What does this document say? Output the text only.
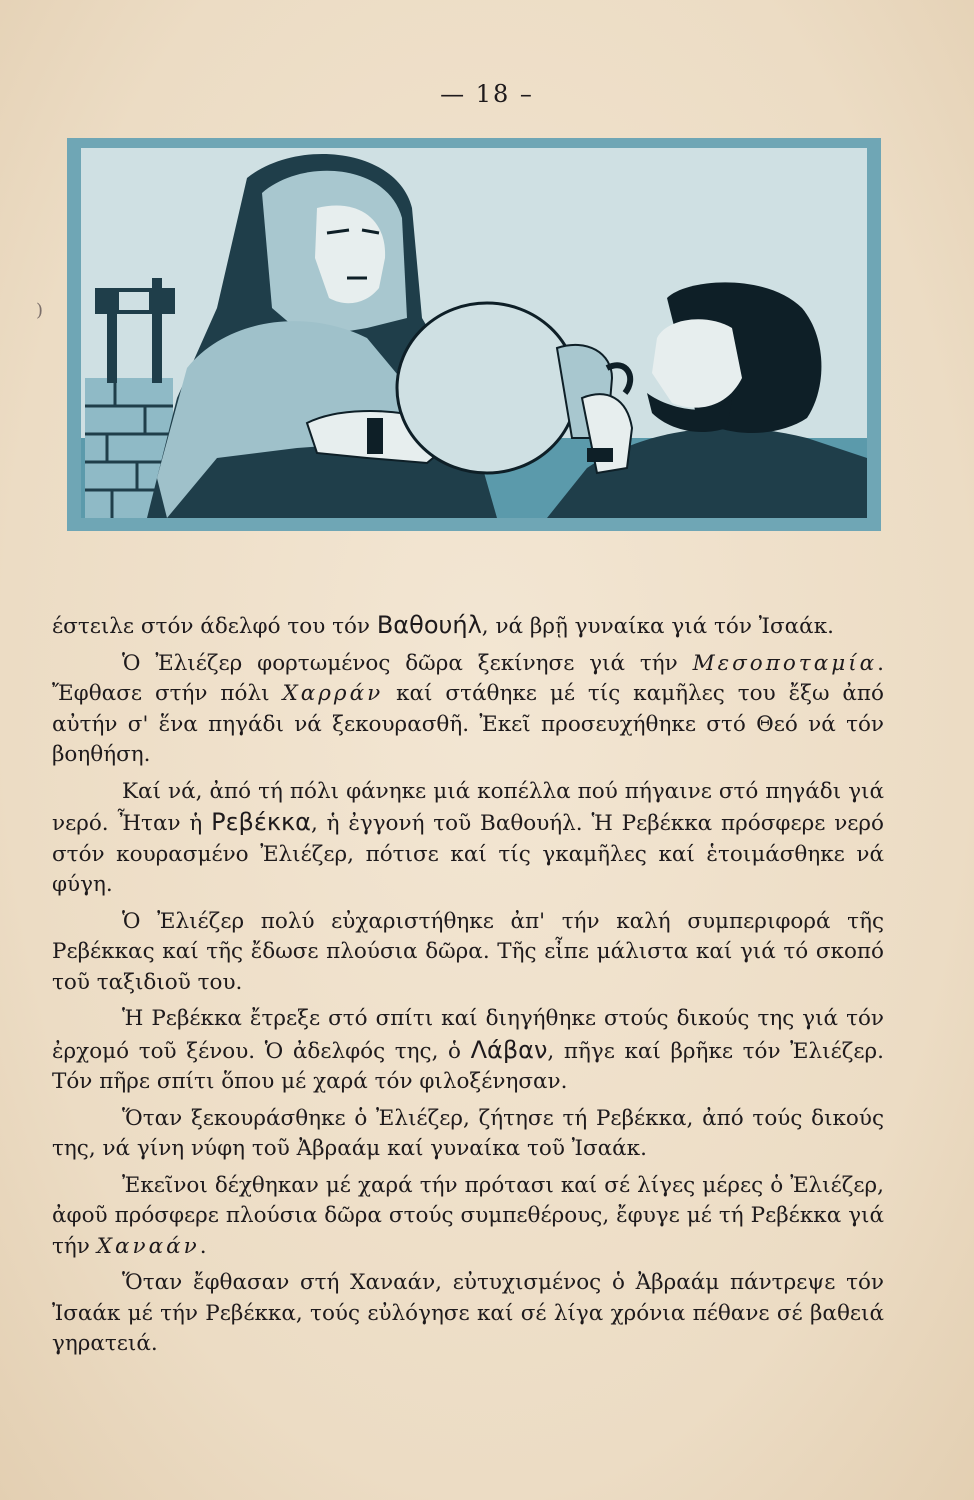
— 18 –
)

έστειλε στόν άδελφό του τόν Βαθουήλ, νά βρῇ γυναίκα γιά τόν Ἰσαάκ.

Ὁ Ἐλιέζερ φορτωμένος δῶρα ξεκίνησε γιά τήν Μεσοποταμία. Ἔφθασε στήν πόλι Χαρράν καί στάθηκε μέ τίς καμῆλες του ἔξω ἀπό αὐτήν σ' ἕνα πηγάδι νά ξεκουρασθῆ. Ἐκεῖ προσευχήθηκε στό Θεό νά τόν βοηθήση.

Καί νά, ἀπό τή πόλι φάνηκε μιά κοπέλλα πού πήγαινε στό πηγάδι γιά νερό. Ἦταν ἡ Ρεβέκκα, ἡ ἐγγονή τοῦ Βαθουήλ. Ἡ Ρεβέκκα πρόσφερε νερό στόν κουρασμένο Ἐλιέζερ, πότισε καί τίς γκαμῆλες καί ἑτοιμάσθηκε νά φύγη.

Ὁ Ἐλιέζερ πολύ εὐχαριστήθηκε ἀπ' τήν καλή συμπεριφορά τῆς Ρεβέκκας καί τῆς ἔδωσε πλούσια δῶρα. Τῆς εἶπε μάλιστα καί γιά τό σκοπό τοῦ ταξιδιοῦ του.

Ἡ Ρεβέκκα ἔτρεξε στό σπίτι καί διηγήθηκε στούς δικούς της γιά τόν ἐρχομό τοῦ ξένου. Ὁ ἀδελφός της, ὁ Λάβαν, πῆγε καί βρῆκε τόν Ἐλιέζερ. Τόν πῆρε σπίτι ὅπου μέ χαρά τόν φιλοξένησαν.

Ὅταν ξεκουράσθηκε ὁ Ἐλιέζερ, ζήτησε τή Ρεβέκκα, ἀπό τούς δικούς της, νά γίνη νύφη τοῦ Ἀβραάμ καί γυναίκα τοῦ Ἰσαάκ.

Ἐκεῖνοι δέχθηκαν μέ χαρά τήν πρότασι καί σέ λίγες μέρες ὁ Ἐλιέζερ, ἀφοῦ πρόσφερε πλούσια δῶρα στούς συμπεθέρους, ἔφυγε μέ τή Ρεβέκκα γιά τήν Χαναάν.

Ὅταν ἔφθασαν στή Χαναάν, εὐτυχισμένος ὁ Ἀβραάμ πάντρεψε τόν Ἰσαάκ μέ τήν Ρεβέκκα, τούς εὐλόγησε καί σέ λίγα χρόνια πέθανε σέ βαθειά γηρατειά.
